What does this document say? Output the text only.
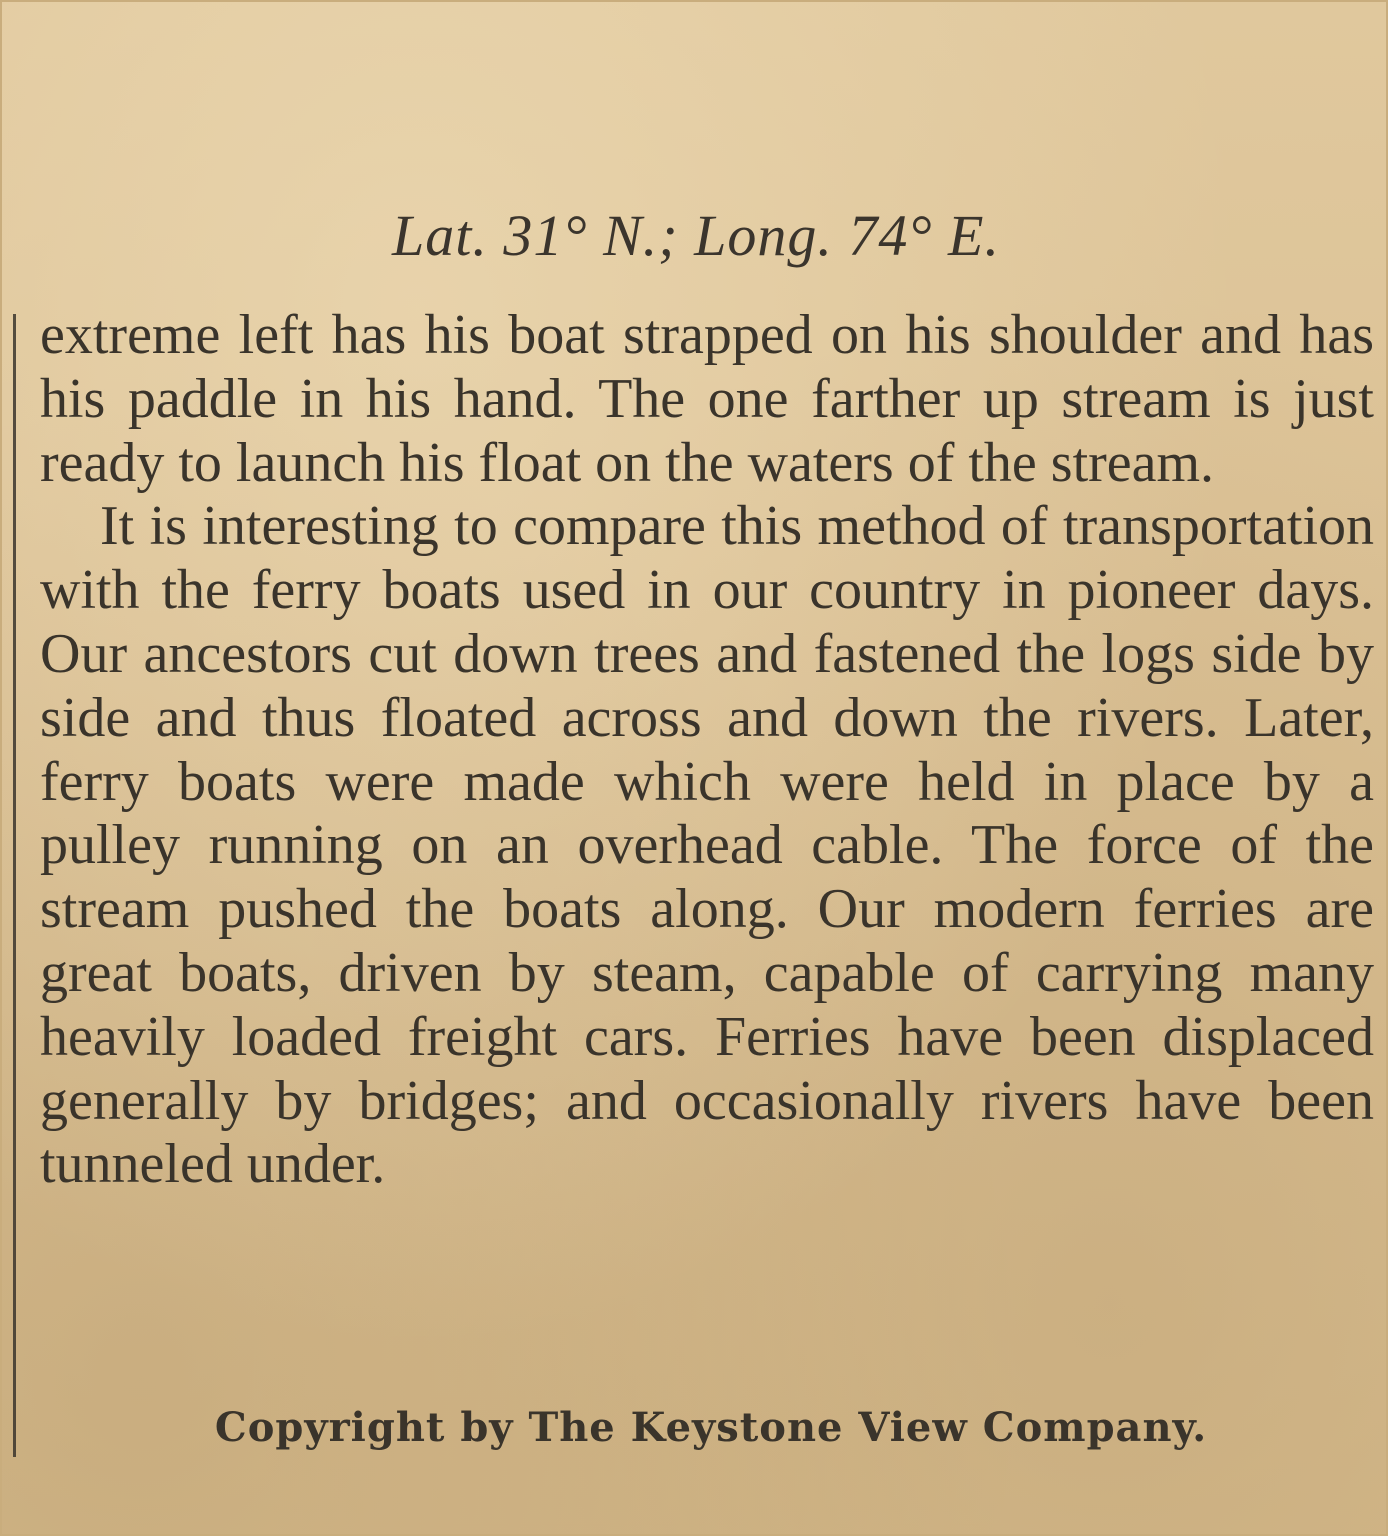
Lat. 31° N.; Long. 74° E.

extreme left has his boat strapped on his shoulder and has his paddle in his hand. The one farther up stream is just ready to launch his float on the waters of the stream.

It is interesting to compare this method of transportation with the ferry boats used in our country in pioneer days. Our ancestors cut down trees and fastened the logs side by side and thus floated across and down the rivers. Later, ferry boats were made which were held in place by a pulley running on an overhead cable. The force of the stream pushed the boats along. Our modern ferries are great boats, driven by steam, capable of carrying many heavily loaded freight cars. Ferries have been displaced generally by bridges; and occasionally rivers have been tunneled under.

Copyright by The Keystone View Company.
